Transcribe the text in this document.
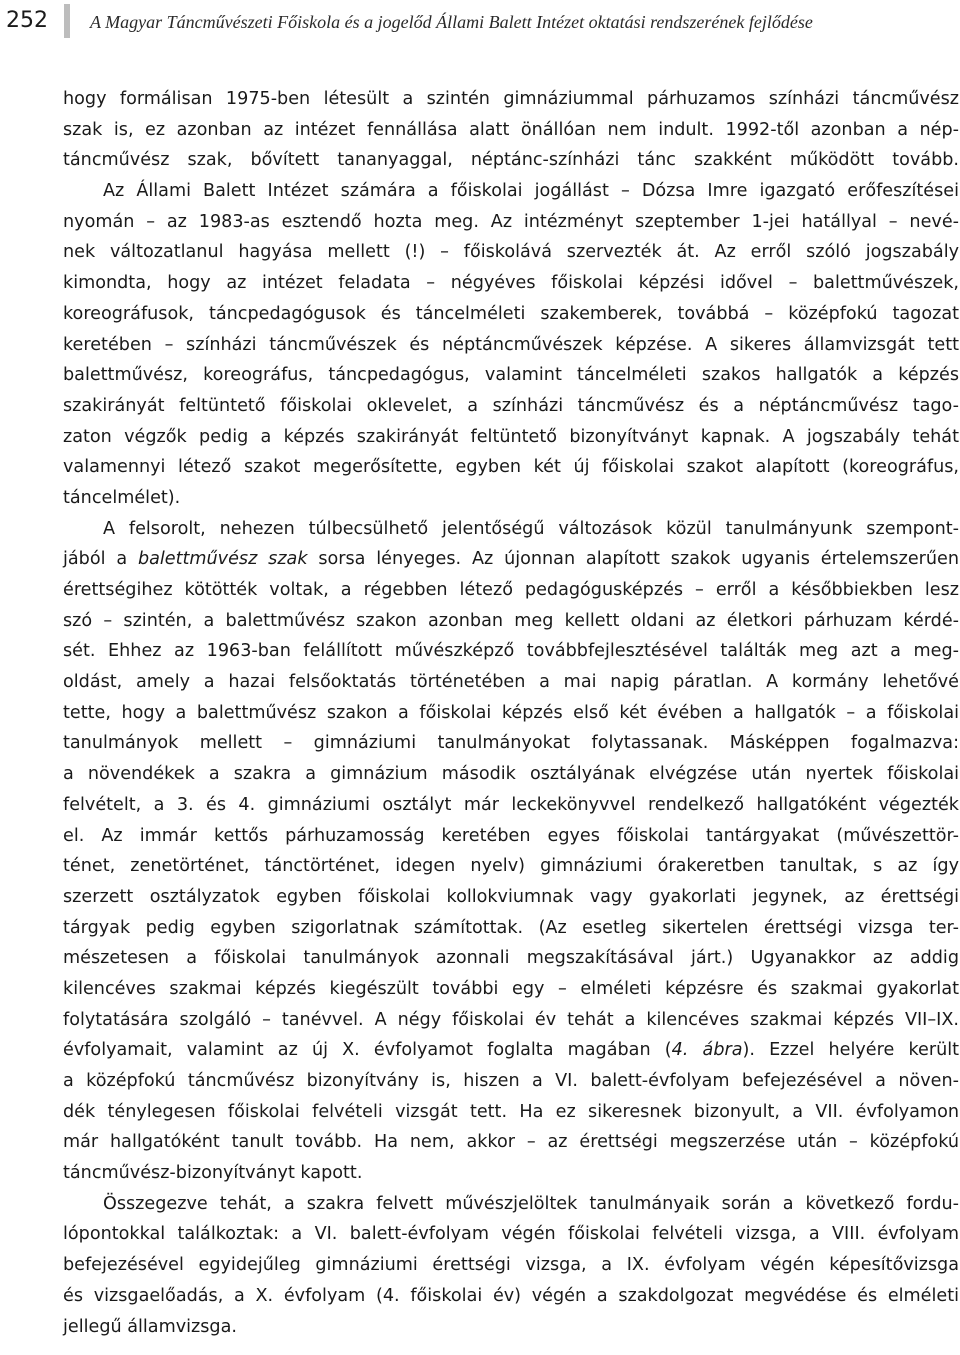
252 A Magyar Táncművészeti Főiskola és a jogelőd Állami Balett Intézet oktatási rendszerének fejlődése
hogy formálisan 1975-ben létesült a szintén gimnáziummal párhuzamos színházi táncművész
szak is, ez azonban az intézet fennállása alatt önállóan nem indult. 1992-től azonban a nép-
táncművész szak, bővített tananyaggal, néptánc-színházi tánc szakként működött tovább.
Az Állami Balett Intézet számára a főiskolai jogállást – Dózsa Imre igazgató erőfeszítései
nyomán – az 1983-as esztendő hozta meg. Az intézményt szeptember 1-jei hatállyal – nevé-
nek változatlanul hagyása mellett (!) – főiskolává szervezték át. Az erről szóló jogszabály
kimondta, hogy az intézet feladata – négyéves főiskolai képzési idővel – balettművészek,
koreográfusok, táncpedagógusok és táncelméleti szakemberek, továbbá – középfokú tagozat
keretében – színházi táncművészek és néptáncművészek képzése. A sikeres államvizsgát tett
balettművész, koreográfus, táncpedagógus, valamint táncelméleti szakos hallgatók a képzés
szakirányát feltüntető főiskolai oklevelet, a színházi táncművész és a néptáncművész tago-
zaton végzők pedig a képzés szakirányát feltüntető bizonyítványt kapnak. A jogszabály tehát
valamennyi létező szakot megerősítette, egyben két új főiskolai szakot alapított (koreográfus,
táncelmélet).
A felsorolt, nehezen túlbecsülhető jelentőségű változások közül tanulmányunk szempont-
jából a balettművész szak sorsa lényeges. Az újonnan alapított szakok ugyanis értelemszerűen
érettségihez kötötték voltak, a régebben létező pedagógusképzés – erről a későbbiekben lesz
szó – szintén, a balettművész szakon azonban meg kellett oldani az életkori párhuzam kérdé-
sét. Ehhez az 1963-ban felállított művészképző továbbfejlesztésével találták meg azt a meg-
oldást, amely a hazai felsőoktatás történetében a mai napig páratlan. A kormány lehetővé
tette, hogy a balettművész szakon a főiskolai képzés első két évében a hallgatók – a főiskolai
tanulmányok mellett – gimnáziumi tanulmányokat folytassanak. Másképpen fogalmazva:
a növendékek a szakra a gimnázium második osztályának elvégzése után nyertek főiskolai
felvételt, a 3. és 4. gimnáziumi osztályt már leckekönyvvel rendelkező hallgatóként végezték
el. Az immár kettős párhuzamosság keretében egyes főiskolai tantárgyakat (művészettör-
ténet, zenetörténet, tánctörténet, idegen nyelv) gimnáziumi órakeretben tanultak, s az így
szerzett osztályzatok egyben főiskolai kollokviumnak vagy gyakorlati jegynek, az érettségi
tárgyak pedig egyben szigorlatnak számítottak. (Az esetleg sikertelen érettségi vizsga ter-
mészetesen a főiskolai tanulmányok azonnali megszakításával járt.) Ugyanakkor az addig
kilencéves szakmai képzés kiegészült további egy – elméleti képzésre és szakmai gyakorlat
folytatására szolgáló – tanévvel. A négy főiskolai év tehát a kilencéves szakmai képzés VII–IX.
évfolyamait, valamint az új X. évfolyamot foglalta magában (4. ábra). Ezzel helyére került
a középfokú táncművész bizonyítvány is, hiszen a VI. balett-évfolyam befejezésével a növen-
dék ténylegesen főiskolai felvételi vizsgát tett. Ha ez sikeresnek bizonyult, a VII. évfolyamon
már hallgatóként tanult tovább. Ha nem, akkor – az érettségi megszerzése után – középfokú
táncművész-bizonyítványt kapott.
Összegezve tehát, a szakra felvett művészjelöltek tanulmányaik során a következő fordu-
lópontokkal találkoztak: a VI. balett-évfolyam végén főiskolai felvételi vizsga, a VIII. évfolyam
befejezésével egyidejűleg gimnáziumi érettségi vizsga, a IX. évfolyam végén képesítővizsga
és vizsgaelőadás, a X. évfolyam (4. főiskolai év) végén a szakdolgozat megvédése és elméleti
jellegű államvizsga.
